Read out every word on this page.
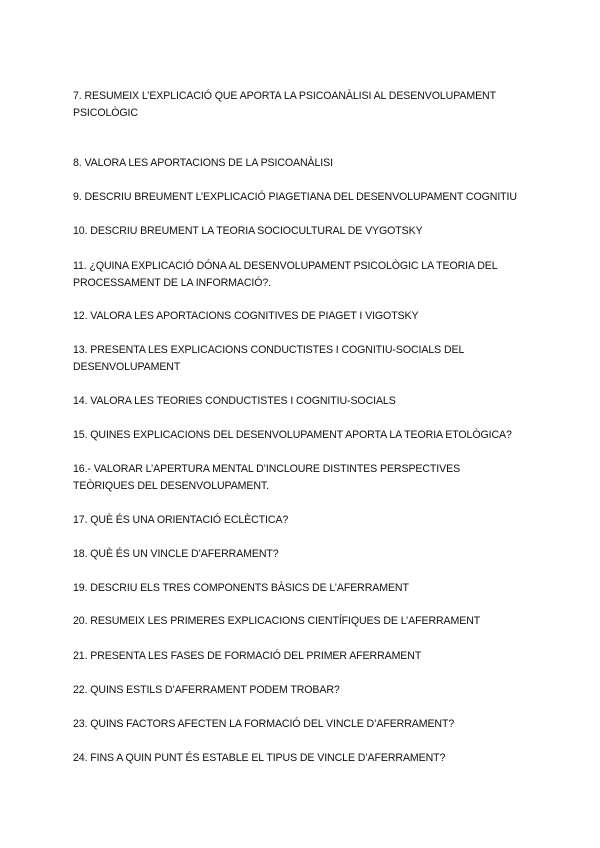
7. RESUMEIX L’EXPLICACIÓ QUE APORTA LA PSICOANÀLISI AL DESENVOLUPAMENT PSICOLÒGIC

8. VALORA LES APORTACIONS DE LA PSICOANÀLISI

9. DESCRIU BREUMENT L’EXPLICACIÓ PIAGETIANA DEL DESENVOLUPAMENT COGNITIU

10. DESCRIU BREUMENT LA TEORIA SOCIOCULTURAL DE VYGOTSKY

11. ¿QUINA EXPLICACIÓ DÓNA AL DESENVOLUPAMENT PSICOLÒGIC LA TEORIA DEL PROCESSAMENT DE LA INFORMACIÓ?.

12. VALORA LES APORTACIONS COGNITIVES DE PIAGET I VIGOTSKY

13. PRESENTA LES EXPLICACIONS CONDUCTISTES I COGNITIU-SOCIALS DEL DESENVOLUPAMENT

14. VALORA LES TEORIES CONDUCTISTES I COGNITIU-SOCIALS

15. QUINES EXPLICACIONS DEL DESENVOLUPAMENT APORTA LA TEORIA ETOLÒGICA?

16.- VALORAR L’APERTURA MENTAL D’INCLOURE DISTINTES PERSPECTIVES TEÒRIQUES DEL DESENVOLUPAMENT.

17. QUÈ ÉS UNA ORIENTACIÓ ECLÈCTICA?

18. QUÈ ÉS UN VINCLE D’AFERRAMENT?

19. DESCRIU ELS TRES COMPONENTS BÀSICS DE L’AFERRAMENT

20. RESUMEIX LES PRIMERES EXPLICACIONS CIENTÍFIQUES DE L’AFERRAMENT

21. PRESENTA LES FASES DE FORMACIÓ DEL PRIMER AFERRAMENT

22. QUINS ESTILS D’AFERRAMENT PODEM TROBAR?

23. QUINS FACTORS AFECTEN LA FORMACIÓ DEL VINCLE D’AFERRAMENT?

24. FINS A QUIN PUNT ÉS ESTABLE EL TIPUS DE VINCLE D’AFERRAMENT?
